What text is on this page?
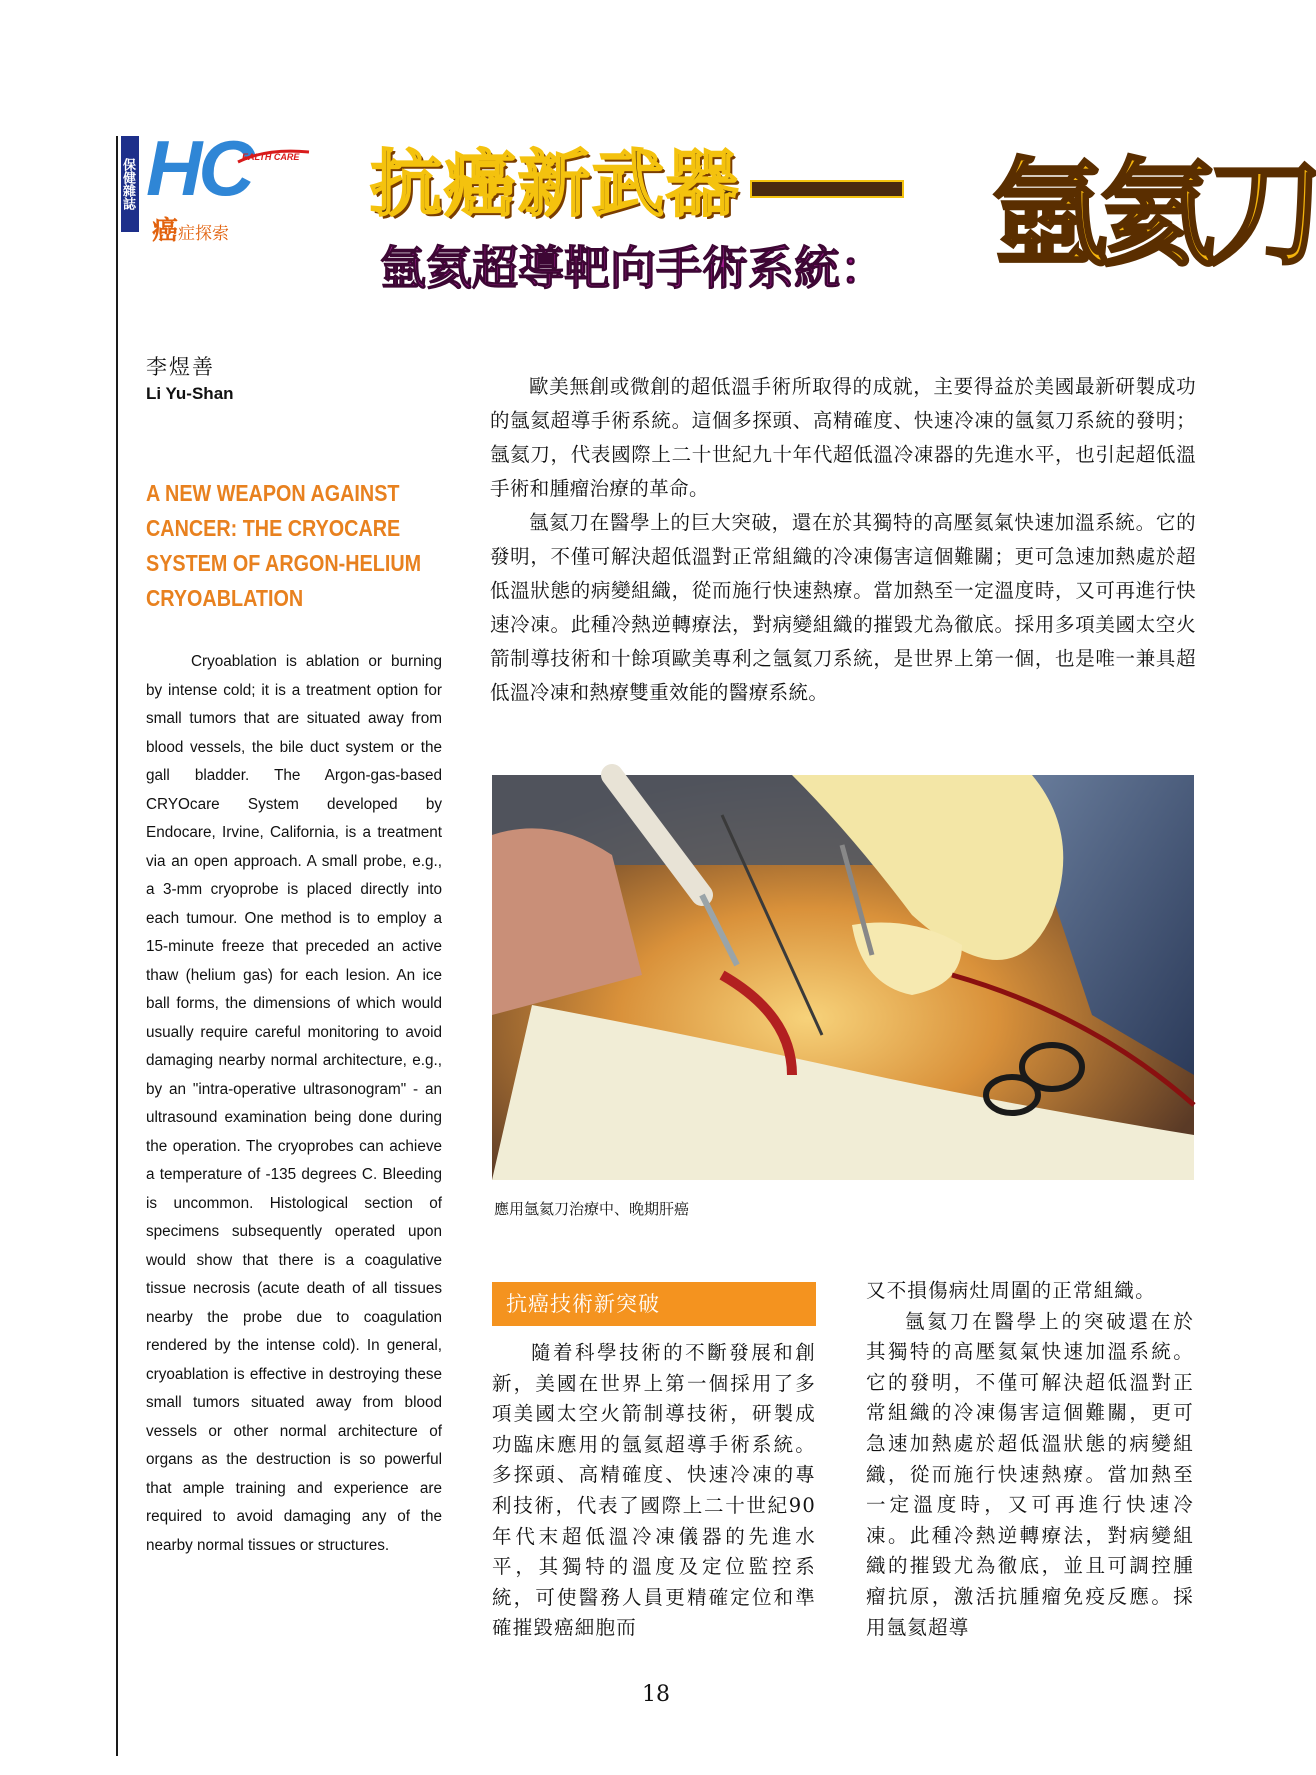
保健雜誌 HC
EALTH CARE
癌症探索
抗癌新武器
氬氦超導靶向手術系統： 氬氦刀
李煜善
Li Yu-Shan
A NEW WEAPON AGAINST CANCER: THE CRYOCARE SYSTEM OF ARGON-HELIUM CRYOABLATION
Cryoablation is ablation or burning by intense cold; it is a treatment option for small tumors that are situated away from blood vessels, the bile duct system or the gall bladder. The Argon-gas-based CRYOcare System developed by Endocare, Irvine, California, is a treatment via an open approach. A small probe, e.g., a 3-mm cryoprobe is placed directly into each tumour. One method is to employ a 15-minute freeze that preceded an active thaw (helium gas) for each lesion. An ice ball forms, the dimensions of which would usually require careful monitoring to avoid damaging nearby normal architecture, e.g., by an "intra-operative ultrasonogram" - an ultrasound examination being done during the operation. The cryoprobes can achieve a temperature of -135 degrees C. Bleeding is uncommon. Histological section of specimens subsequently operated upon would show that there is a coagulative tissue necrosis (acute death of all tissues nearby the probe due to coagulation rendered by the intense cold). In general, cryoablation is effective in destroying these small tumors situated away from blood vessels or other normal architecture of organs as the destruction is so powerful that ample training and experience are required to avoid damaging any of the nearby normal tissues or structures.

歐美無創或微創的超低溫手術所取得的成就，主要得益於美國最新研製成功的氬氦超導手術系統。這個多探頭、高精確度、快速冷凍的氬氦刀系統的發明；氬氦刀，代表國際上二十世紀九十年代超低溫冷凍器的先進水平，也引起超低溫手術和腫瘤治療的革命。

氬氦刀在醫學上的巨大突破，還在於其獨特的高壓氦氣快速加溫系統。它的發明，不僅可解決超低溫對正常組織的冷凍傷害這個難關；更可急速加熱處於超低溫狀態的病變組織，從而施行快速熱療。當加熱至一定溫度時，又可再進行快速冷凍。此種冷熱逆轉療法，對病變組織的摧毀尤為徹底。採用多項美國太空火箭制導技術和十餘項歐美專利之氬氦刀系統，是世界上第一個，也是唯一兼具超低溫冷凍和熱療雙重效能的醫療系統。

應用氬氦刀治療中、晚期肝癌
抗癌技術新突破

隨着科學技術的不斷發展和創新，美國在世界上第一個採用了多項美國太空火箭制導技術，研製成功臨床應用的氬氦超導手術系統。多探頭、高精確度、快速冷凍的專利技術，代表了國際上二十世紀90年代末超低溫冷凍儀器的先進水平，其獨特的溫度及定位監控系統，可使醫務人員更精確定位和準確摧毀癌細胞而

又不損傷病灶周圍的正常組織。

氬氦刀在醫學上的突破還在於其獨特的高壓氦氣快速加溫系統。它的發明，不僅可解決超低溫對正常組織的冷凍傷害這個難關，更可急速加熱處於超低溫狀態的病變組織，從而施行快速熱療。當加熱至一定溫度時，又可再進行快速冷凍。此種冷熱逆轉療法，對病變組織的摧毀尤為徹底，並且可調控腫瘤抗原，激活抗腫瘤免疫反應。採用氬氦超導

18
